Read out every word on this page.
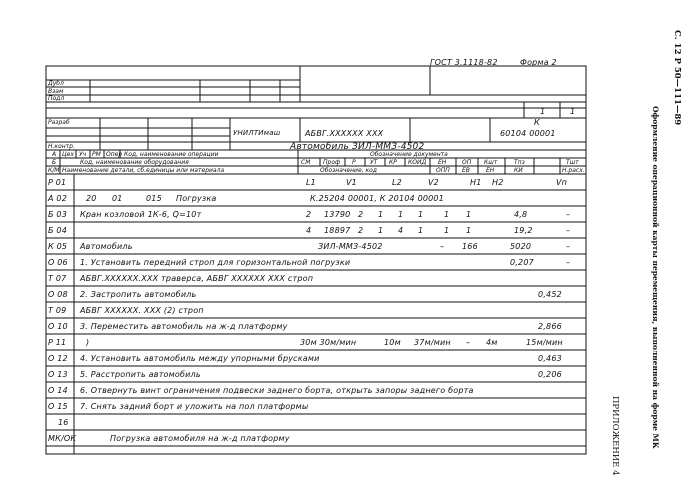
ГОСТ 3.1118-82	Форма 2
Дубл
Взам
Подл
1	1
Разраб
УНИЛТИмаш	АБВГ.XXXXXX XXX
К
60104 00001
Н.контр.	Автомобиль ЗИЛ-ММЗ-4502
А Цех Уч РМ Опер Код, наименование операции	Обозначение документа
Б	Код, наименование оборудования	СМ Проф Р УТ КР КОИД ЕН	ОП Кшт	Тпз	Тшт
К/М Наименование детали, сб.единицы или материала	Обозначение, код	ОПП ЕВ	ЕН	КИ	Н.расх.
Р 01	L1	V1	L2	V2	H1 H2	Vп
А 02 20 01	015 Погрузка	К.25204 00001, К 20104 00001
Б 03 Кран козловой 1К-6, Q=10т	2 13790 2 1 1 1	1 1	4,8	–
Б 04	4 18897 2 1 4 1	1 1	19,2	–
К 05 Автомобиль	ЗИЛ-ММЗ-4502	– 166	5020	–
О 06 1. Установить передний строп для горизонтальной погрузки	0,207	–
Т 07 АБВГ.XXXXXX.XXX траверса, АБВГ XXXXXX XXX строп
О 08 2. Застропить автомобиль	0,452
Т 09 АБВГ XXXXXX. XXX (2) строп
О 10 3. Переместить автомобиль на ж-д платформу	2,866
Р 11 )	30м 30м/мин	10м 37м/мин – 4м	15м/мин
О 12 4. Установить автомобиль между упорными брусками	0,463
О 13 5. Расстропить автомобиль	0,206
О 14 6. Отвернуть винт ограничения подвески заднего борта, открыть запоры заднего борта
О 15 7. Снять задний борт и уложить на пол платформы
16
МК/ОК	Погрузка автомобиля на ж-д платформу
С. 12 Р 50—111—89
Оформление операционной карты перемещения, выполненной на форме МК
ПРИЛОЖЕНИЕ 4
